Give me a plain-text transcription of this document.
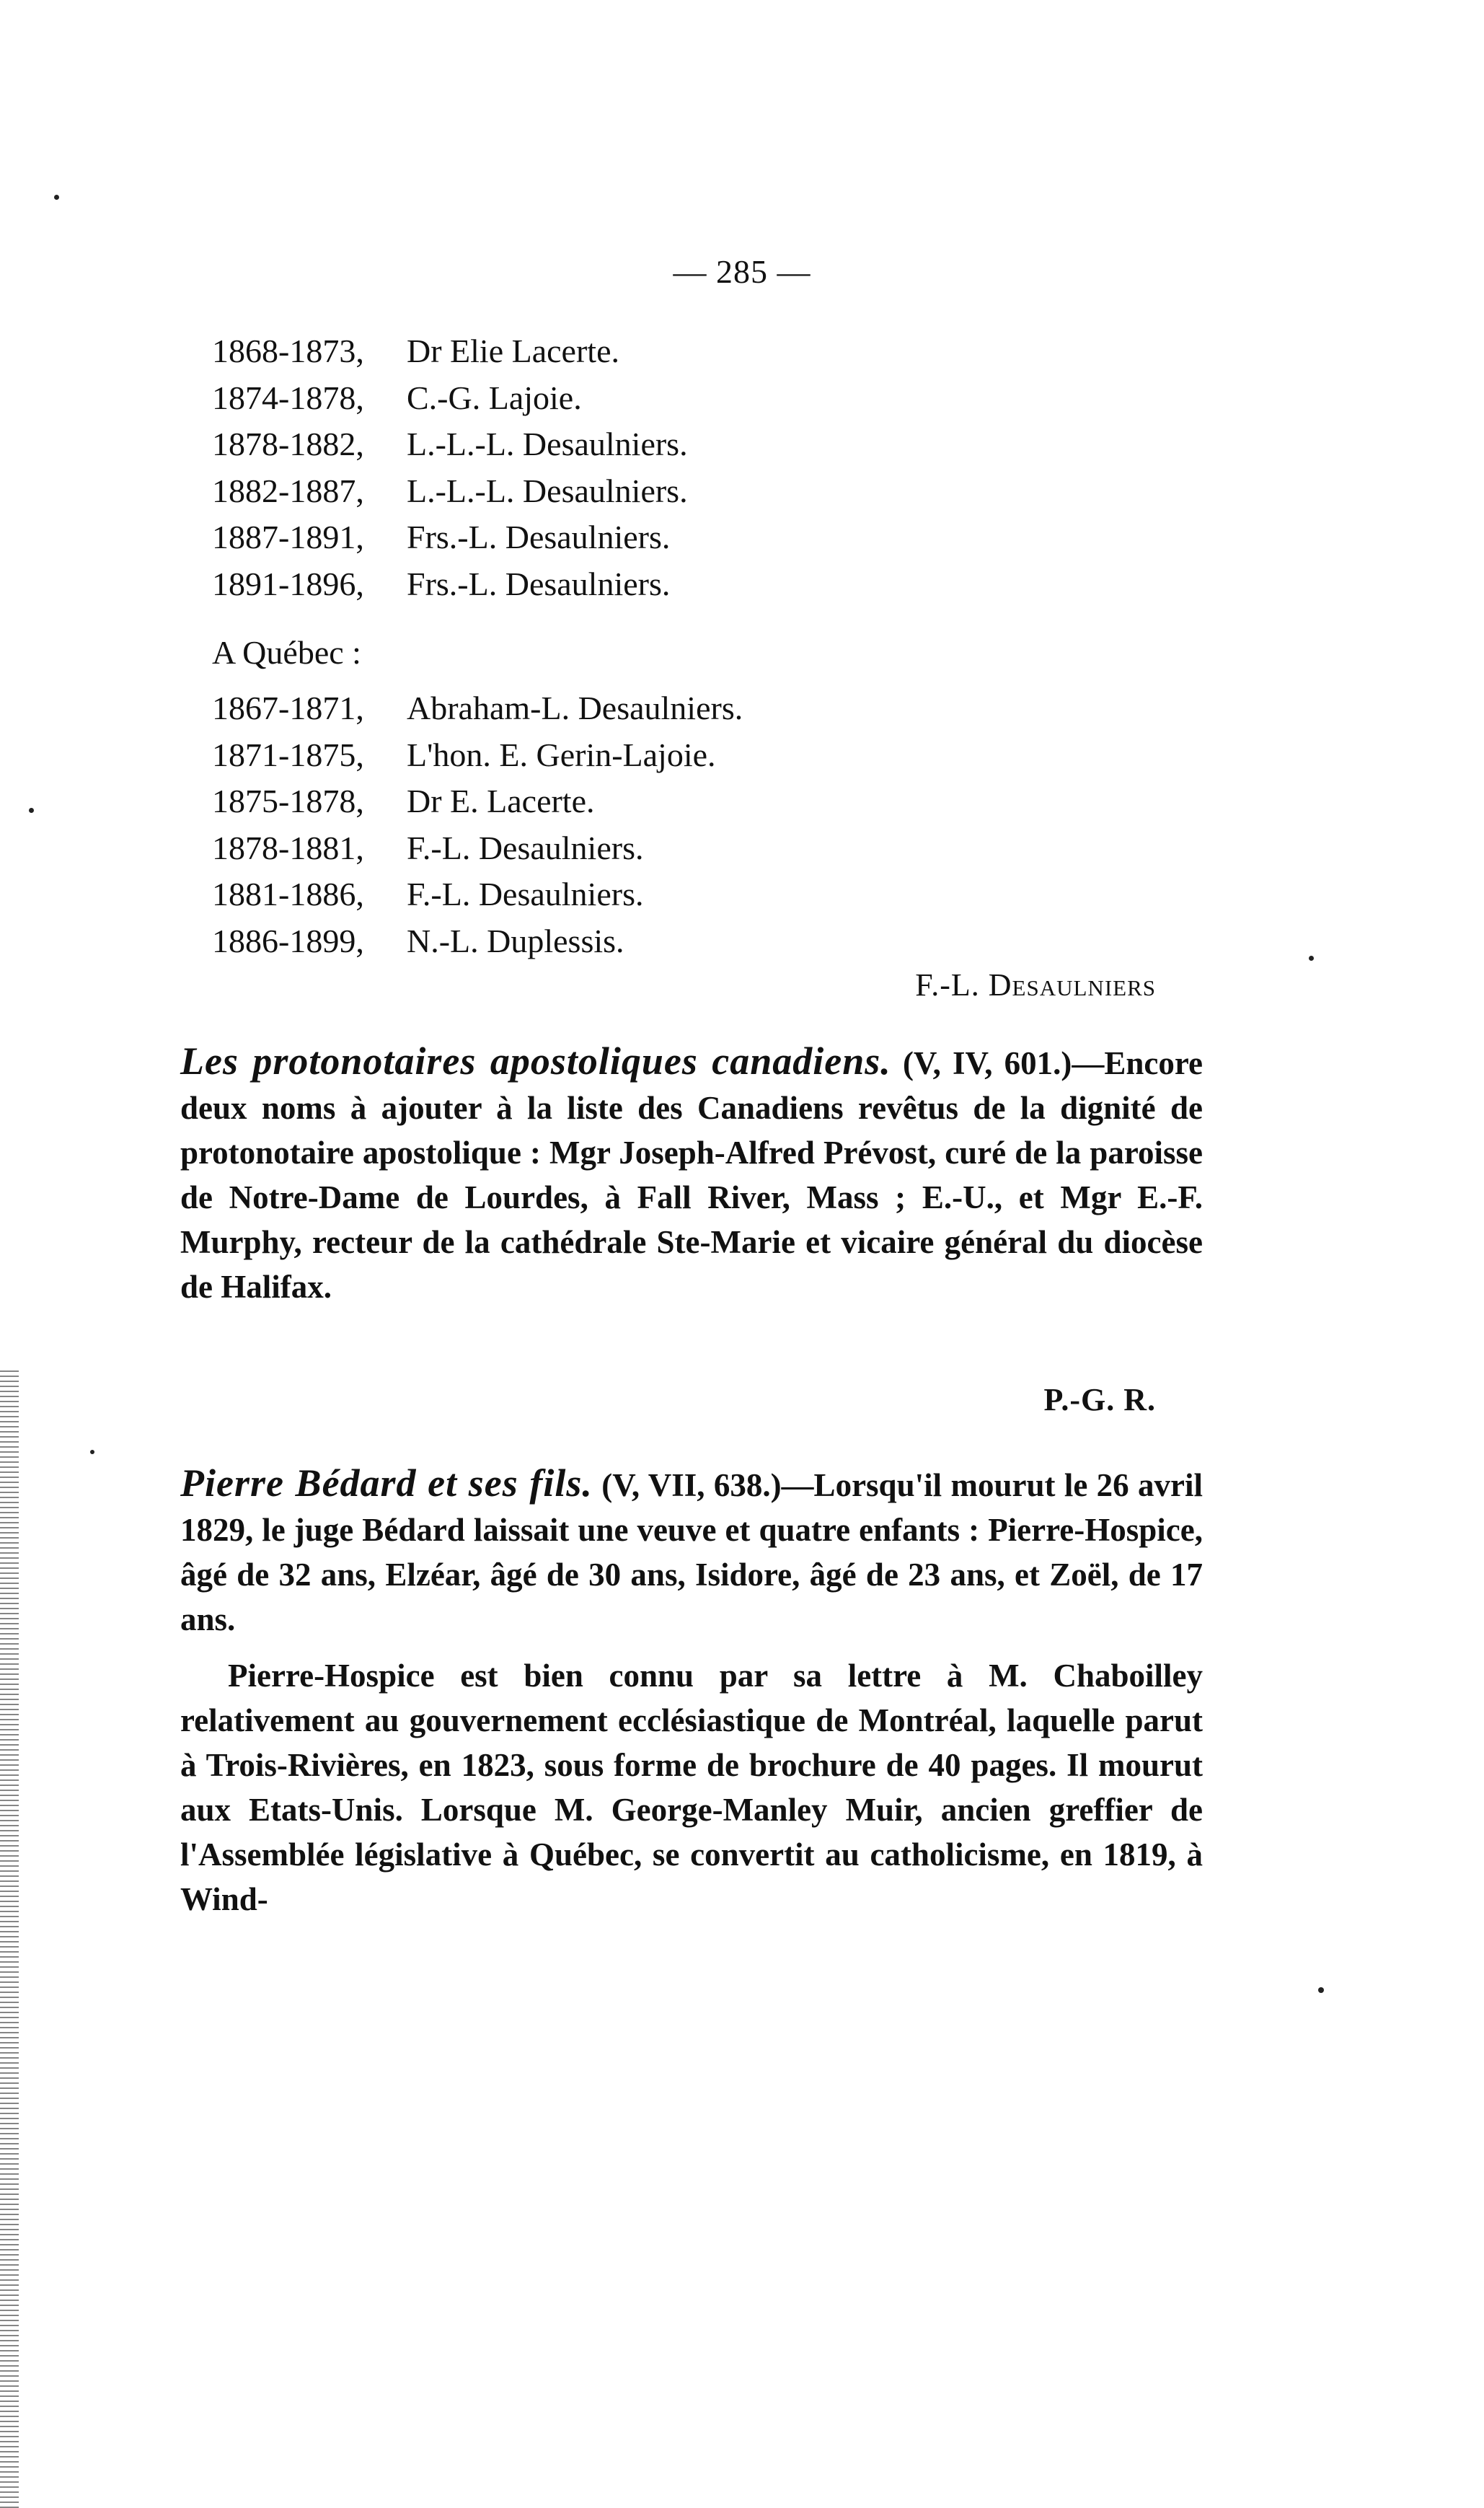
— 285 —
1868-1873, Dr Elie Lacerte.
1874-1878, C.-G. Lajoie.
1878-1882, L.-L.-L. Desaulniers.
1882-1887, L.-L.-L. Desaulniers.
1887-1891, Frs.-L. Desaulniers.
1891-1896, Frs.-L. Desaulniers.
A Québec :
1867-1871, Abraham-L. Desaulniers.
1871-1875, L'hon. E. Gerin-Lajoie.
1875-1878, Dr E. Lacerte.
1878-1881, F.-L. Desaulniers.
1881-1886, F.-L. Desaulniers.
1886-1899, N.-L. Duplessis.
F.-L. Desaulniers

Les protonotaires apostoliques canadiens. (V, IV, 601.)—Encore deux noms à ajouter à la liste des Canadiens revêtus de la dignité de protonotaire apostolique : Mgr Joseph-Alfred Prévost, curé de la paroisse de Notre-Dame de Lourdes, à Fall River, Mass ; E.-U., et Mgr E.-F. Murphy, recteur de la cathédrale Ste-Marie et vicaire général du diocèse de Halifax.

P.-G. R.

Pierre Bédard et ses fils. (V, VII, 638.)—Lorsqu'il mourut le 26 avril 1829, le juge Bédard laissait une veuve et quatre enfants : Pierre-Hospice, âgé de 32 ans, Elzéar, âgé de 30 ans, Isidore, âgé de 23 ans, et Zoël, de 17 ans.

Pierre-Hospice est bien connu par sa lettre à M. Chaboilley relativement au gouvernement ecclésiastique de Montréal, laquelle parut à Trois-Rivières, en 1823, sous forme de brochure de 40 pages. Il mourut aux Etats-Unis. Lorsque M. George-Manley Muir, ancien greffier de l'Assemblée législative à Québec, se convertit au catholicisme, en 1819, à Wind-
